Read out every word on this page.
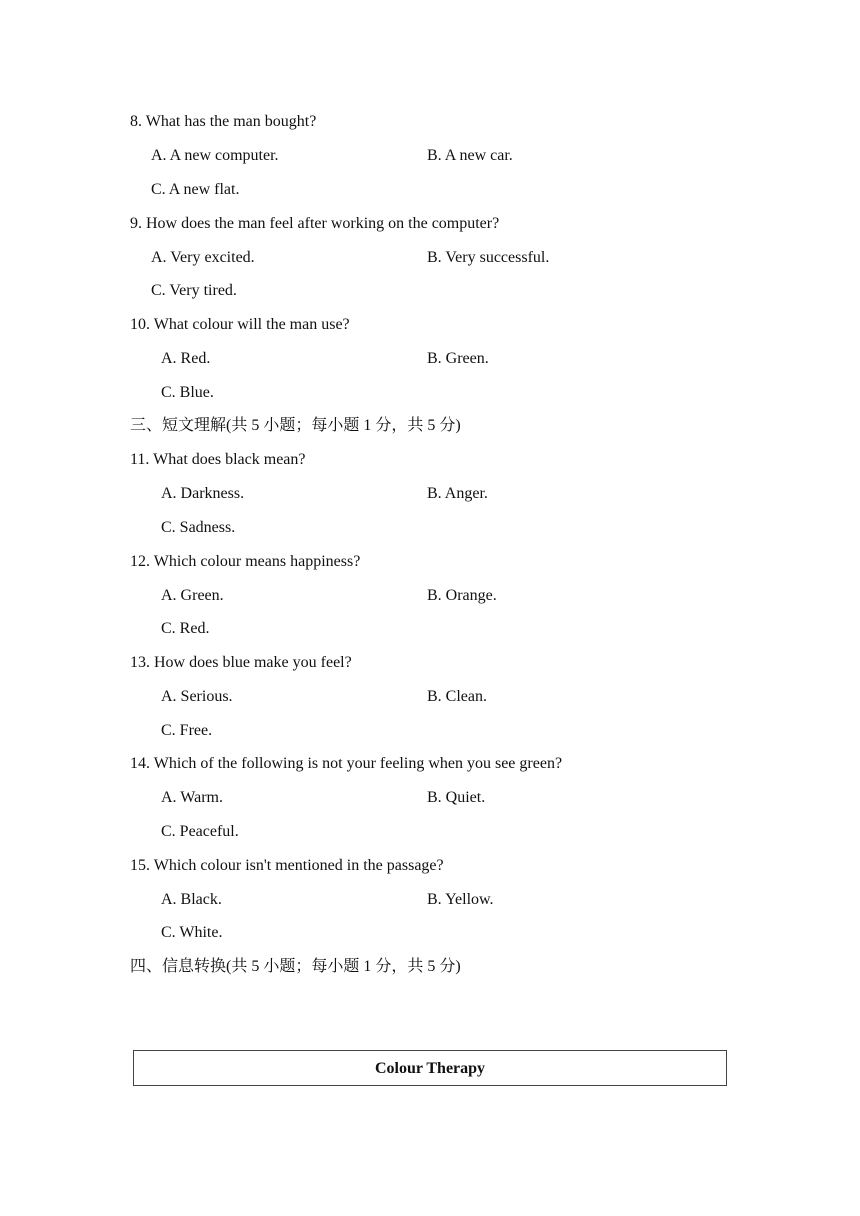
8. What has the man bought?
A. A new computer.	B. A new car.
C. A new flat.
9. How does the man feel after working on the computer?
A. Very excited.	B. Very successful.
C. Very tired.
10. What colour will the man use?
A. Red.	B. Green.
C. Blue.
三、短文理解(共 5 小题；每小题 1 分，共 5 分)
11. What does black mean?
A. Darkness.	B. Anger.
C. Sadness.
12. Which colour means happiness?
A. Green.	B. Orange.
C. Red.
13. How does blue make you feel?
A. Serious.	B. Clean.
C. Free.
14. Which of the following is not your feeling when you see green?
A. Warm.	B. Quiet.
C. Peaceful.
15. Which colour isn't mentioned in the passage?
A. Black.	B. Yellow.
C. White.
四、信息转换(共 5 小题；每小题 1 分，共 5 分)
Colour Therapy
